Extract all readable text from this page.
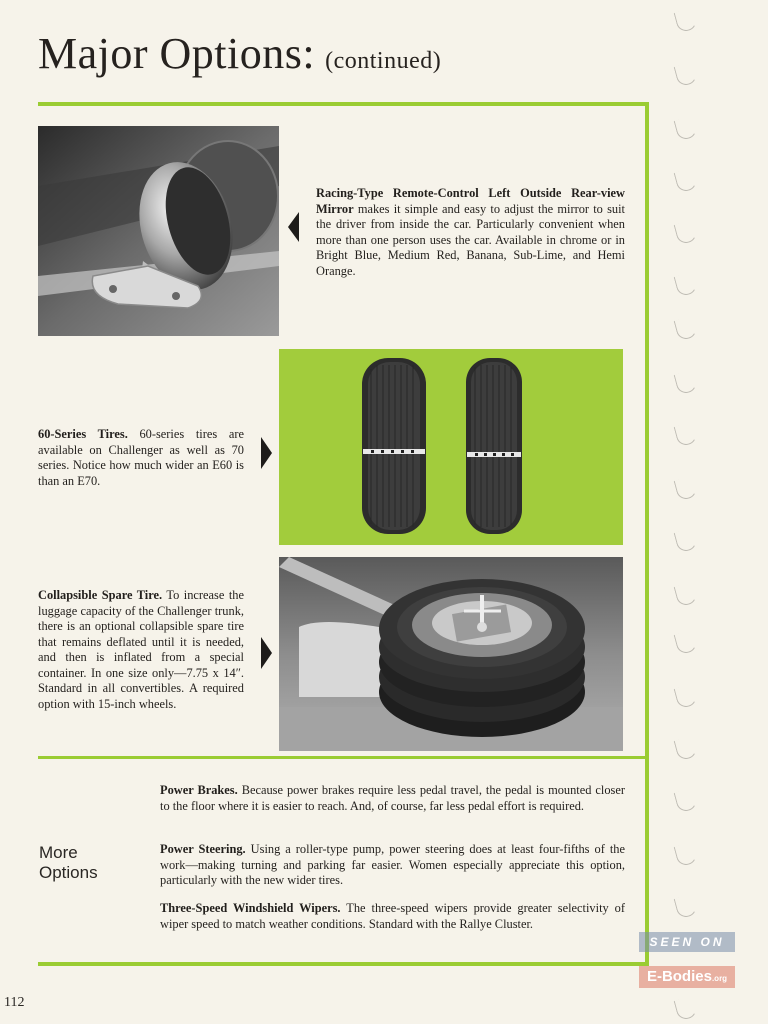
Major Options: (continued)
Racing-Type Remote-Control Left Outside Rear-view Mirror makes it simple and easy to adjust the mirror to suit the driver from inside the car. Particularly convenient when more than one person uses the car. Available in chrome or in Bright Blue, Medium Red, Banana, Sub-Lime, and Hemi Orange.
60-Series Tires. 60-series tires are available on Challenger as well as 70 series. Notice how much wider an E60 is than an E70.
Collapsible Spare Tire. To increase the luggage capacity of the Challenger trunk, there is an optional collapsible spare tire that remains deflated until it is needed, and then is inflated from a special container. In one size only—7.75 x 14″. Standard in all convertibles. A required option with 15-inch wheels.
More
Options
Power Brakes. Because power brakes require less pedal travel, the pedal is mounted closer to the floor where it is easier to reach. And, of course, far less pedal effort is required.
Power Steering. Using a roller-type pump, power steering does at least four-fifths of the work—making turning and parking far easier. Women especially appreciate this option, particularly with the new wider tires.
Three-Speed Windshield Wipers. The three-speed wipers provide greater selectivity of wiper speed to match weather conditions. Standard with the Rallye Cluster.
112
SEEN ON
E-Bodies.org
